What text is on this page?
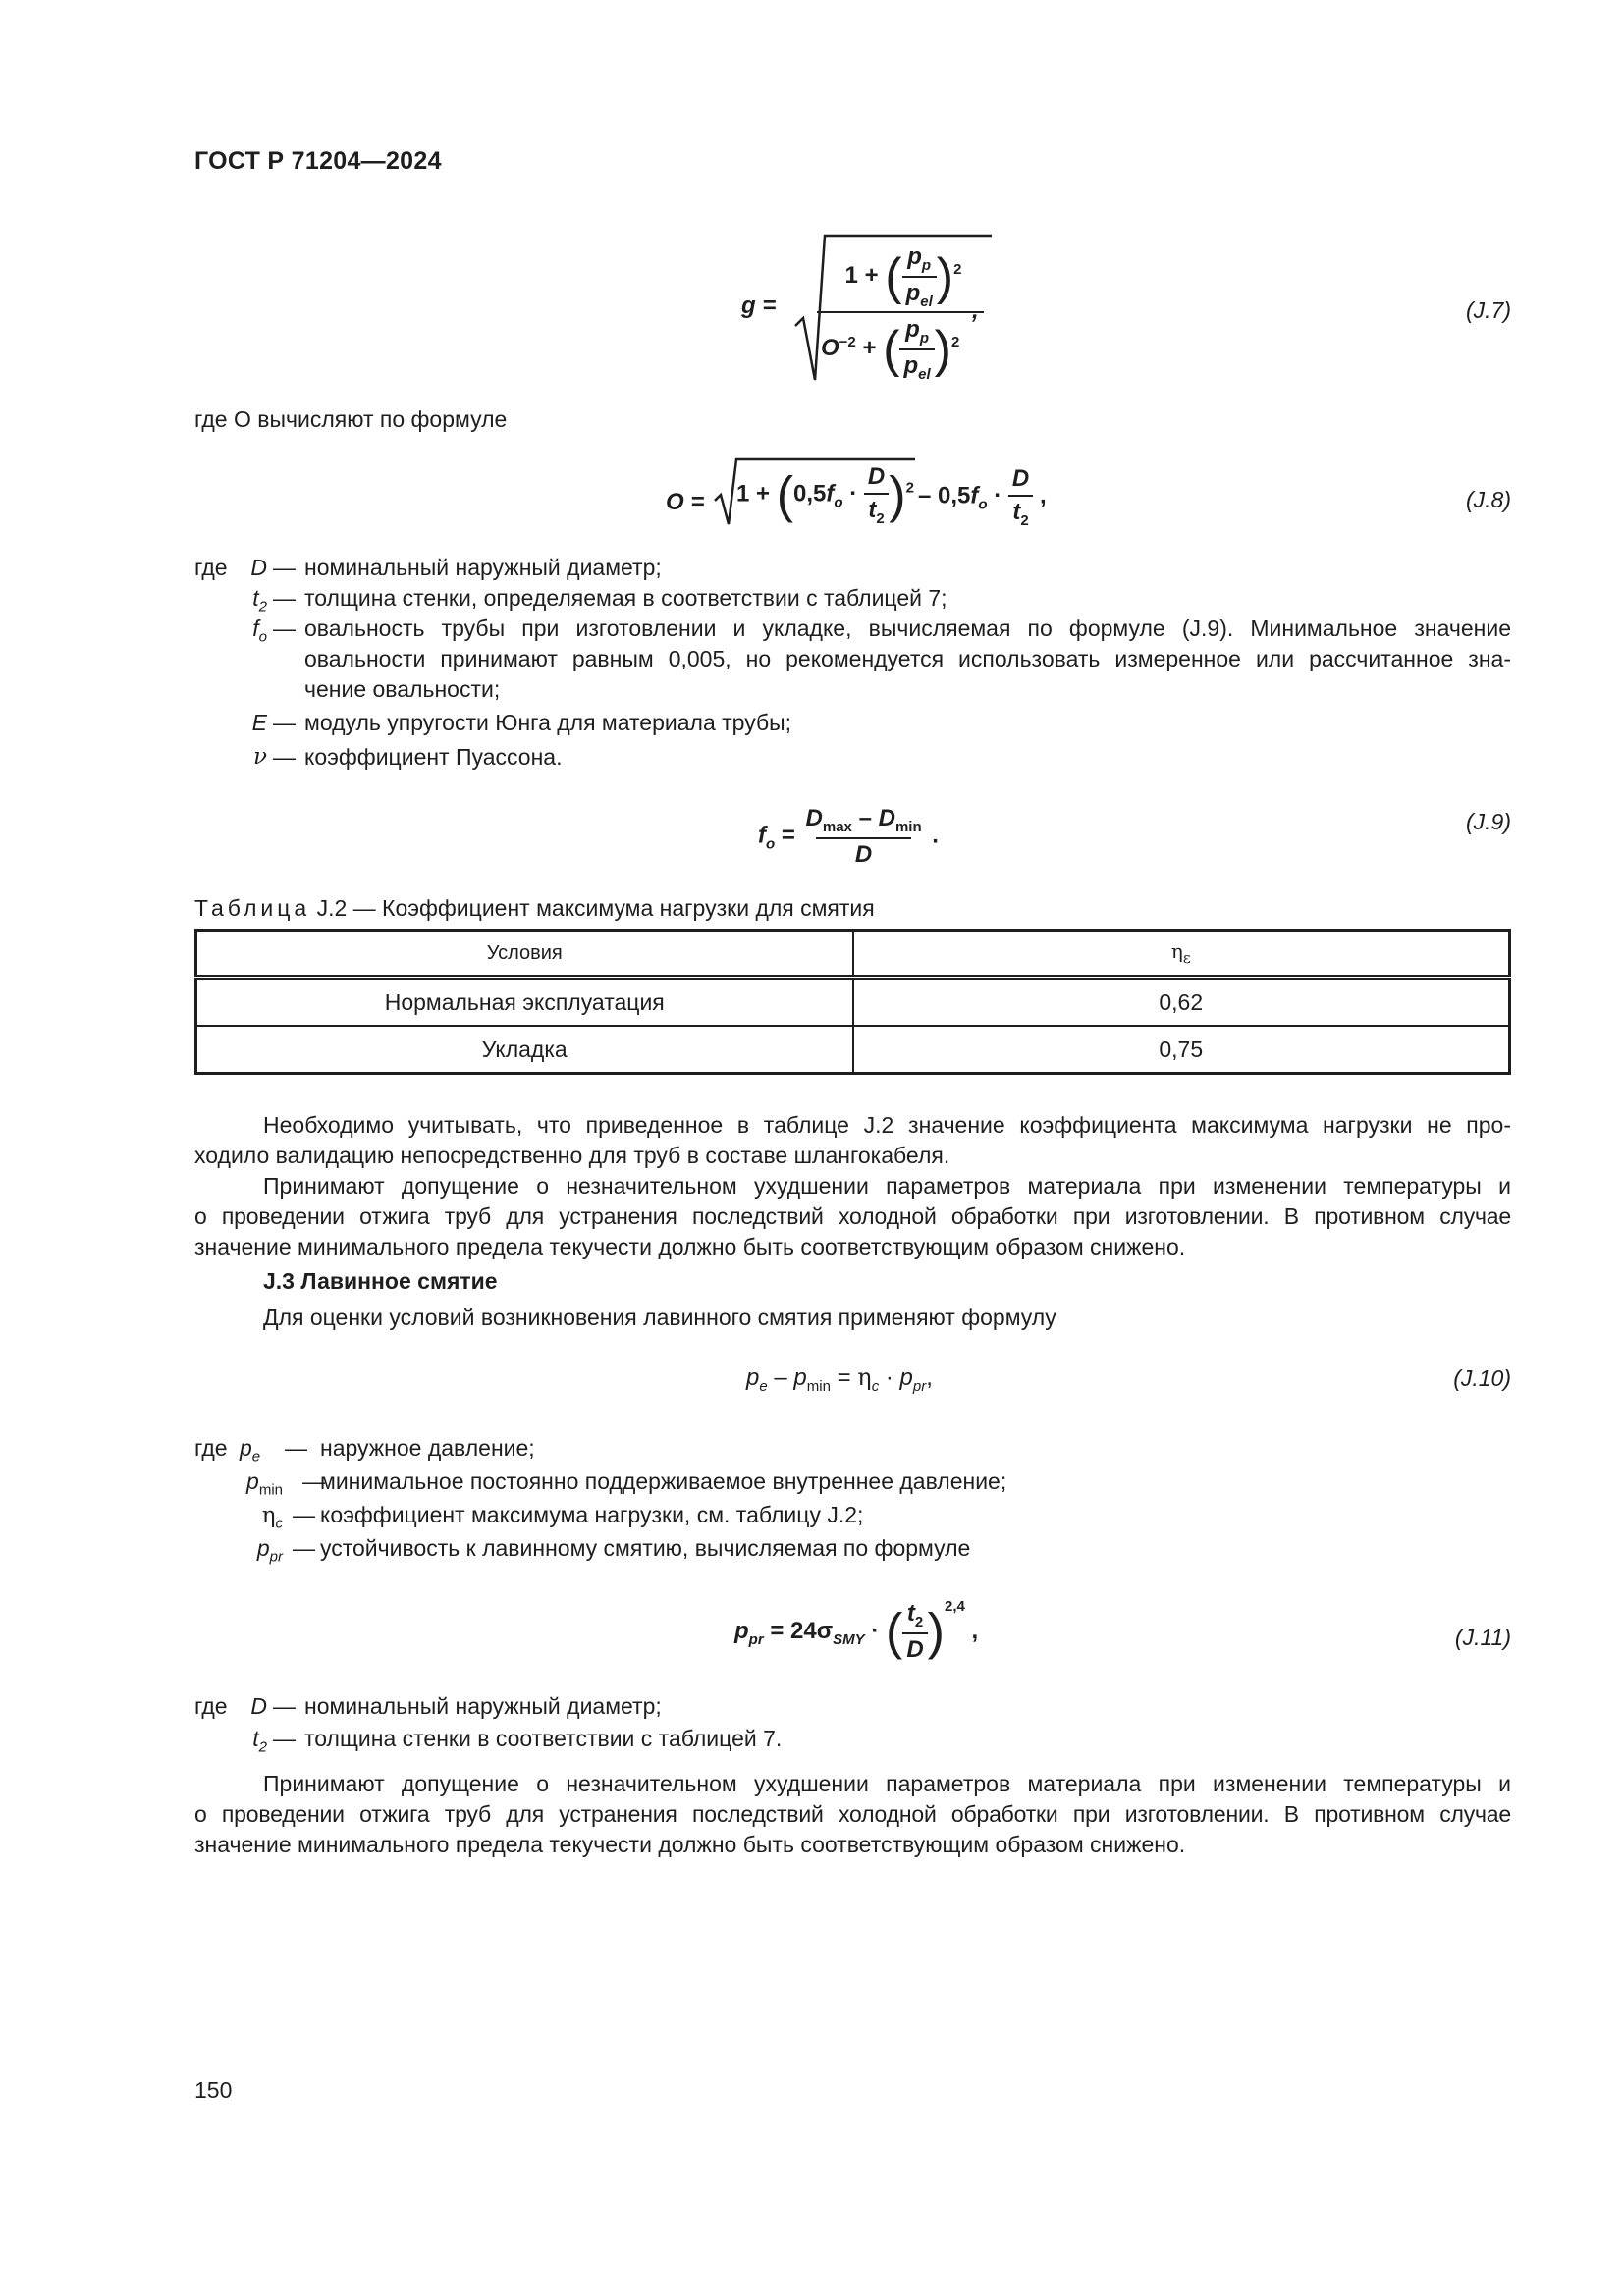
ГОСТ Р 71204—2024
g =
1 + ( $\frac{p_p}{p_{el}} )^2$
$O^{-2}$ + ( $\frac{p_p}{p_{el}} )^2$
,	(J.7)
где O вычисляют по формуле
$O = 1 + (0,5f_o \cdot \frac{D}{t_2} )^2 - 0,5f_o \cdot \frac{D}{t_2}$ ,	(J.8)
где	D — номинальный наружный диаметр;
$t_2$ — толщина стенки, определяемая в соответствии с таблицей 7;
$f_o$ — овальность трубы при изготовлении и укладке, вычисляемая по формуле (J.9). Минимальное значение
овальности принимают равным 0,005, но рекомендуется использовать измеренное или рассчитанное зна-
чение овальности;
E — модуль упругости Юнга для материала трубы;
ν — коэффициент Пуассона.
$f_o = \frac{D_{max} - D_{min}}{D}$ .
(J.9)
Таблица J.2 — Коэффициент максимума нагрузки для смятия
Условия	$\eta_\varepsilon$
Нормальная эксплуатация	0,62
Укладка	0,75
Необходимо учитывать, что приведенное в таблице J.2 значение коэффициента максимума нагрузки не про-
ходило валидацию непосредственно для труб в составе шлангокабеля.
Принимают допущение о незначительном ухудшении параметров материала при изменении температуры и
о проведении отжига труб для устранения последствий холодной обработки при изготовлении. В противном случае
значение минимального предела текучести должно быть соответствующим образом снижено.
J.3 Лавинное смятие
Для оценки условий возникновения лавинного смятия применяют формулу
$p_e - p_{min} = \eta_c \cdot p_{pr}$,	(J.10)
где $p_e$	— наружное давление;
$p_{min}$ —
минимальное постоянно поддерживаемое внутреннее давление;
$\eta_c$ — коэффициент максимума нагрузки, см. таблицу J.2;
$p_{pr}$ — устойчивость к лавинному смятию, вычисляемая по формуле
$p_{pr} = 24\sigma_{SMY}$ · ( $\frac{t_2}{D} )^{2,4}$ ,	(J.11)
где	D — номинальный наружный диаметр;
$t_2$ — толщина стенки в соответствии с таблицей 7.
Принимают допущение о незначительном ухудшении параметров материала при изменении температуры и
о проведении отжига труб для устранения последствий холодной обработки при изготовлении. В противном случае
значение минимального предела текучести должно быть соответствующим образом снижено.
150
